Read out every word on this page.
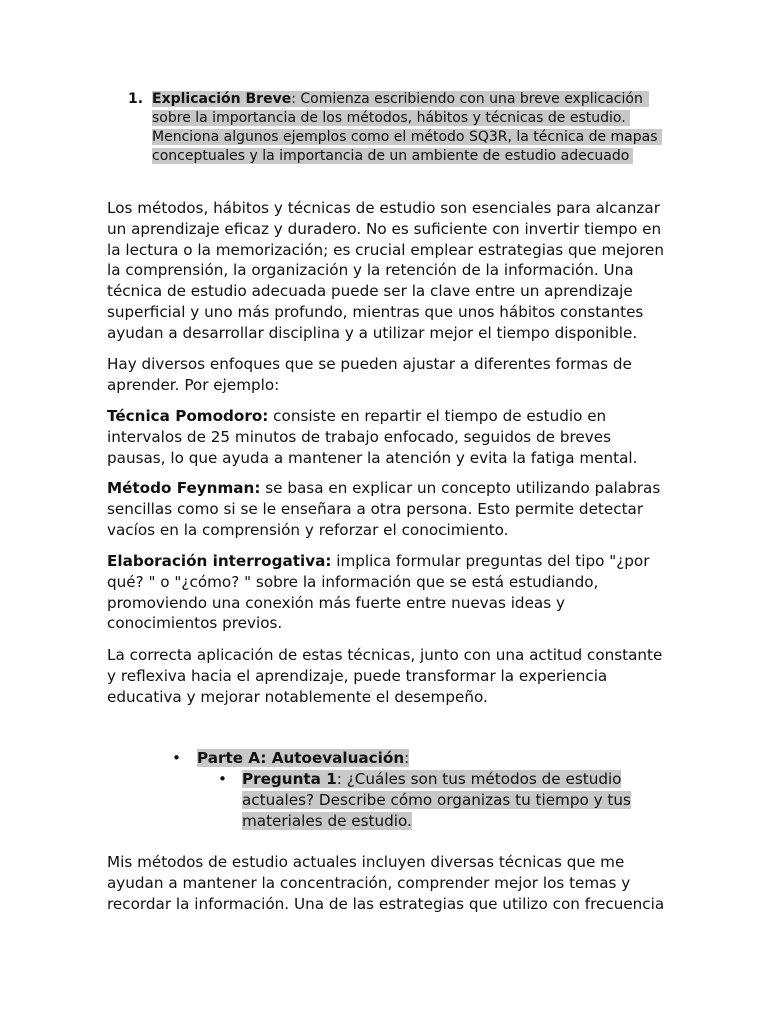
1. Explicación Breve: Comienza escribiendo con una breve explicación
sobre la importancia de los métodos, hábitos y técnicas de estudio.
Menciona algunos ejemplos como el método SQ3R, la técnica de mapas
conceptuales y la importancia de un ambiente de estudio adecuado
Los métodos, hábitos y técnicas de estudio son esenciales para alcanzar
un aprendizaje eficaz y duradero. No es suficiente con invertir tiempo en
la lectura o la memorización; es crucial emplear estrategias que mejoren
la comprensión, la organización y la retención de la información. Una
técnica de estudio adecuada puede ser la clave entre un aprendizaje
superficial y uno más profundo, mientras que unos hábitos constantes
ayudan a desarrollar disciplina y a utilizar mejor el tiempo disponible.
Hay diversos enfoques que se pueden ajustar a diferentes formas de
aprender. Por ejemplo:
Técnica Pomodoro: consiste en repartir el tiempo de estudio en
intervalos de 25 minutos de trabajo enfocado, seguidos de breves
pausas, lo que ayuda a mantener la atención y evita la fatiga mental.
Método Feynman: se basa en explicar un concepto utilizando palabras
sencillas como si se le enseñara a otra persona. Esto permite detectar
vacíos en la comprensión y reforzar el conocimiento.
Elaboración interrogativa: implica formular preguntas del tipo "¿por
qué? " o "¿cómo? " sobre la información que se está estudiando,
promoviendo una conexión más fuerte entre nuevas ideas y
conocimientos previos.
La correcta aplicación de estas técnicas, junto con una actitud constante
y reflexiva hacia el aprendizaje, puede transformar la experiencia
educativa y mejorar notablemente el desempeño.
• Parte A: Autoevaluación:
• Pregunta 1: ¿Cuáles son tus métodos de estudio
actuales? Describe cómo organizas tu tiempo y tus
materiales de estudio.
Mis métodos de estudio actuales incluyen diversas técnicas que me
ayudan a mantener la concentración, comprender mejor los temas y
recordar la información. Una de las estrategias que utilizo con frecuencia
